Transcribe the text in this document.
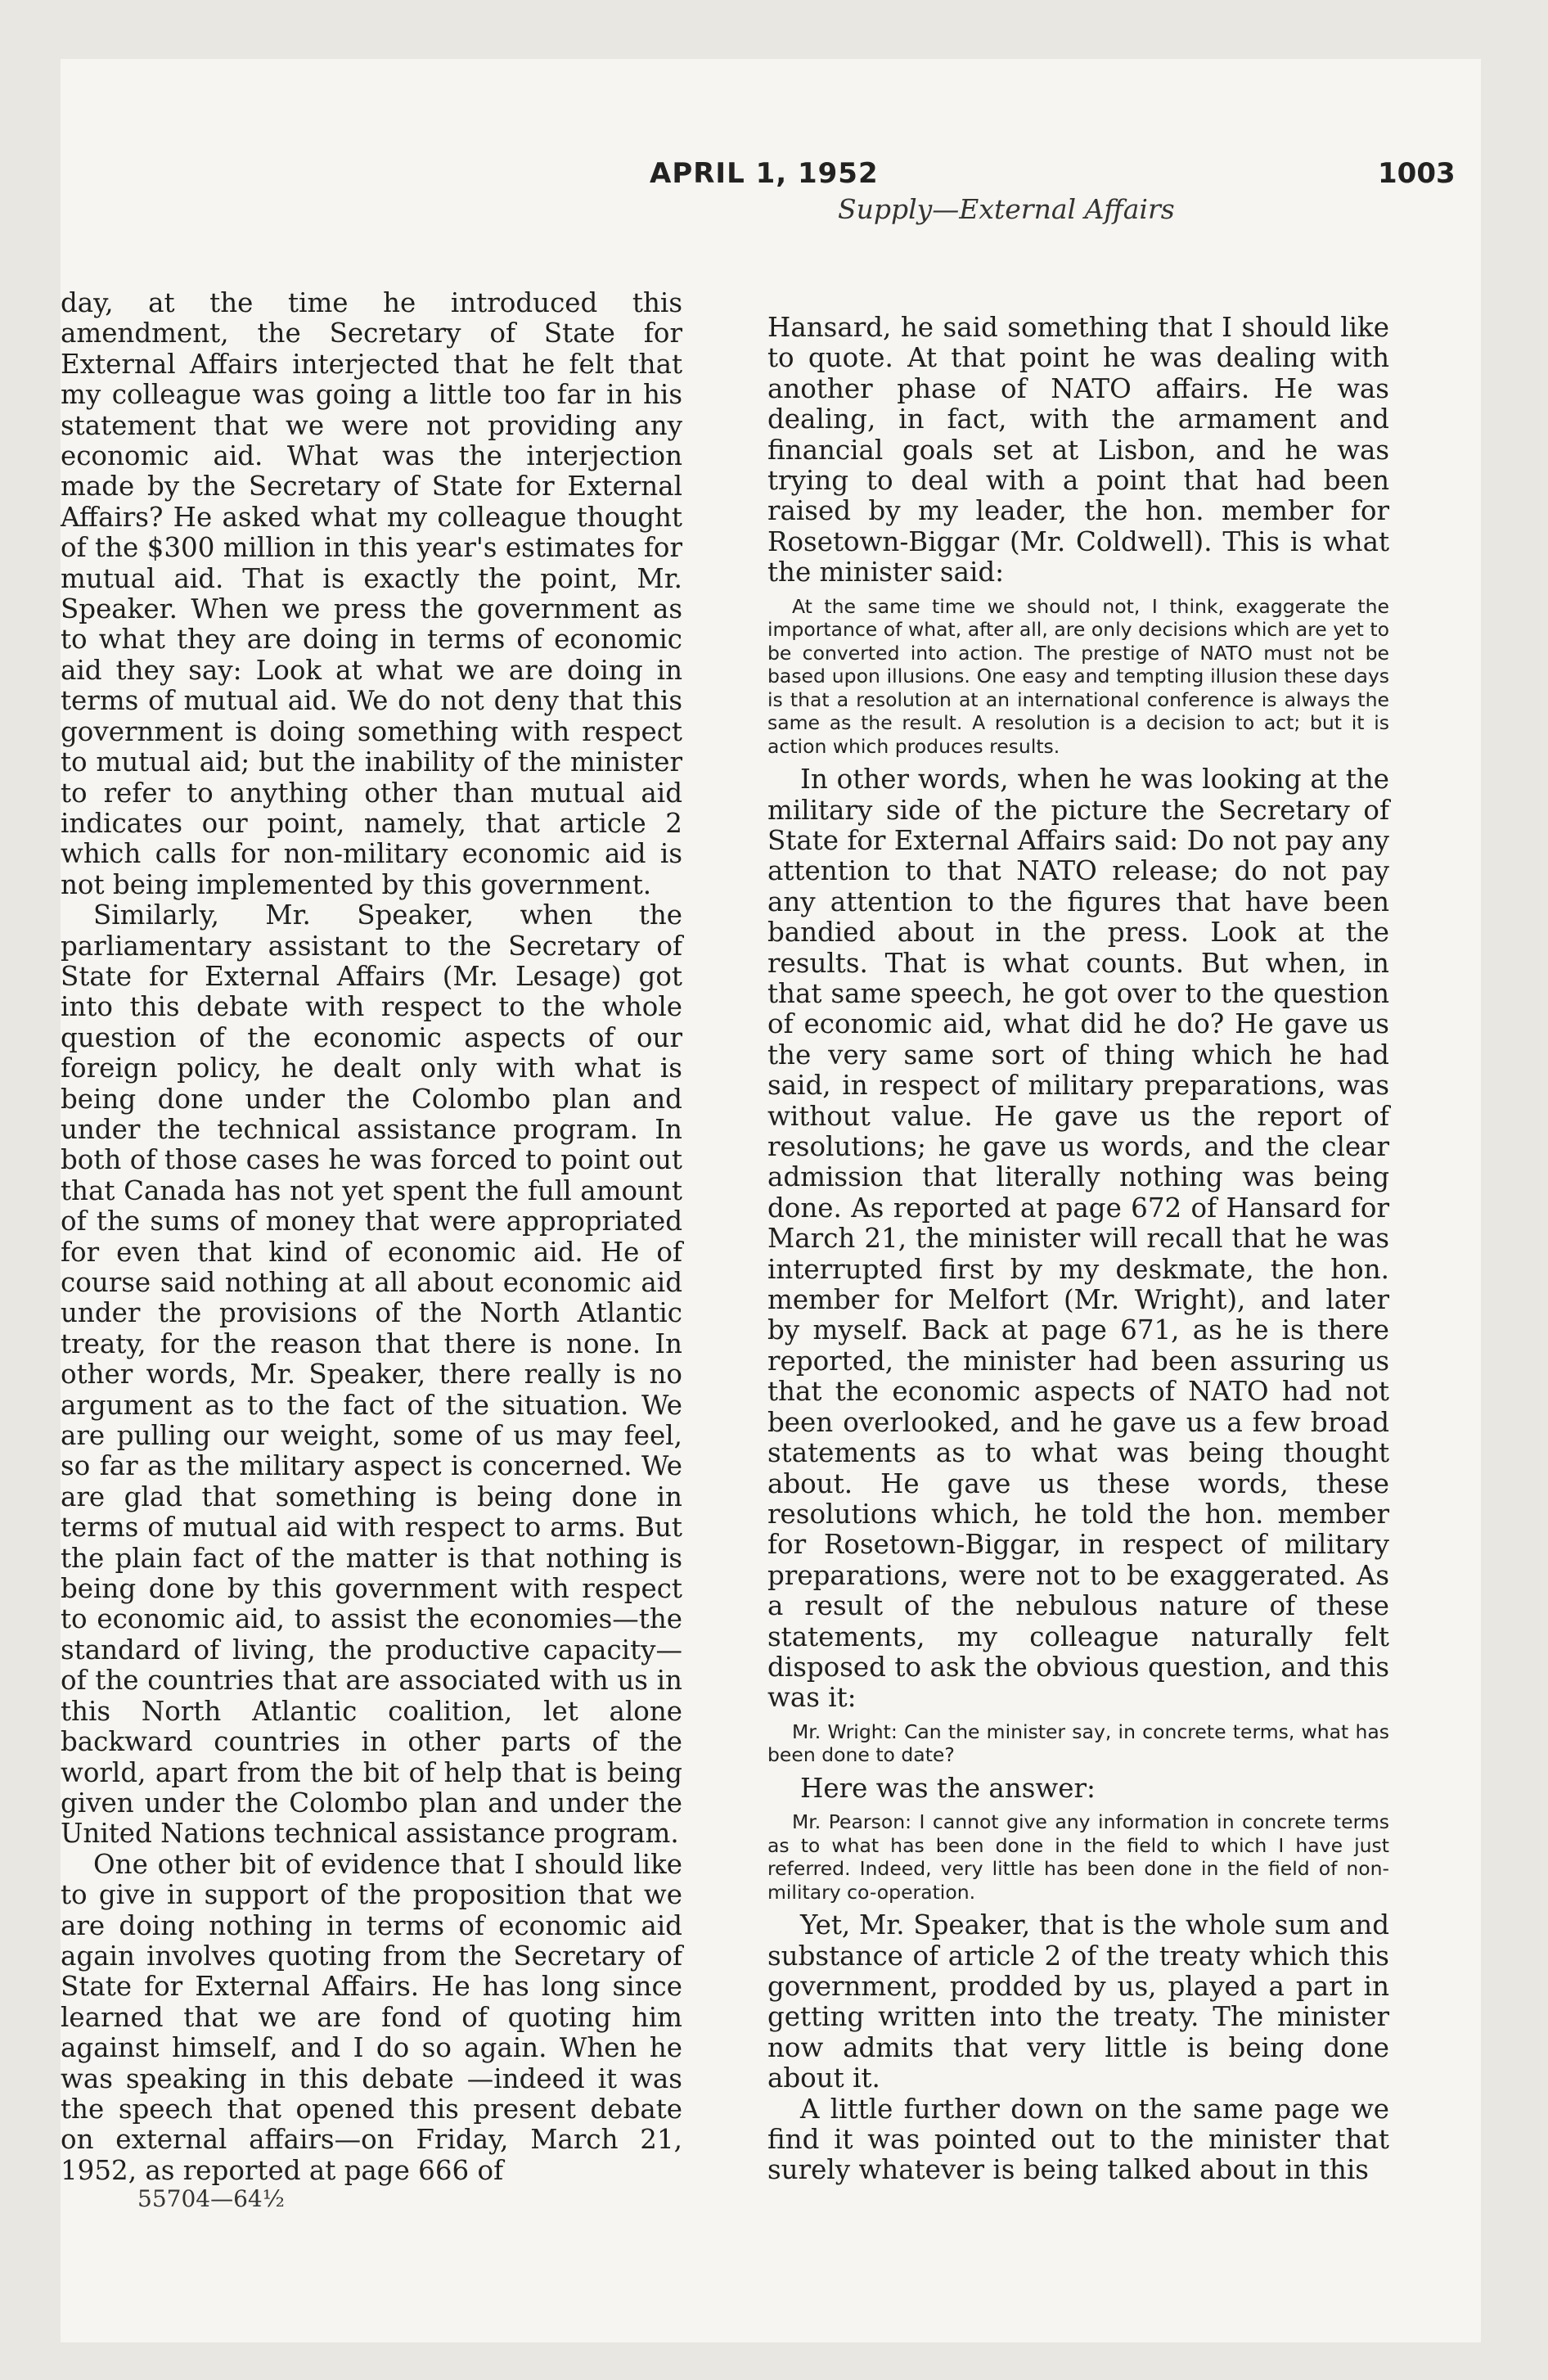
APRIL 1, 1952	1003
Supply—External Affairs

day, at the time he introduced this amendment, the Secretary of State for External Affairs interjected that he felt that my colleague was going a little too far in his statement that we were not providing any economic aid. What was the interjection made by the Secretary of State for External Affairs? He asked what my colleague thought of the $300 million in this year's estimates for mutual aid. That is exactly the point, Mr. Speaker. When we press the government as to what they are doing in terms of economic aid they say: Look at what we are doing in terms of mutual aid. We do not deny that this government is doing something with respect to mutual aid; but the inability of the minister to refer to anything other than mutual aid indicates our point, namely, that article 2 which calls for non-military economic aid is not being implemented by this government.

Similarly, Mr. Speaker, when the parliamentary assistant to the Secretary of State for External Affairs (Mr. Lesage) got into this debate with respect to the whole question of the economic aspects of our foreign policy, he dealt only with what is being done under the Colombo plan and under the technical assistance program. In both of those cases he was forced to point out that Canada has not yet spent the full amount of the sums of money that were appropriated for even that kind of economic aid. He of course said nothing at all about economic aid under the provisions of the North Atlantic treaty, for the reason that there is none. In other words, Mr. Speaker, there really is no argument as to the fact of the situation. We are pulling our weight, some of us may feel, so far as the military aspect is concerned. We are glad that something is being done in terms of mutual aid with respect to arms. But the plain fact of the matter is that nothing is being done by this government with respect to economic aid, to assist the economies—the standard of living, the productive capacity—of the countries that are associated with us in this North Atlantic coalition, let alone backward countries in other parts of the world, apart from the bit of help that is being given under the Colombo plan and under the United Nations technical assistance program.

One other bit of evidence that I should like to give in support of the proposition that we are doing nothing in terms of economic aid again involves quoting from the Secretary of State for External Affairs. He has long since learned that we are fond of quoting him against himself, and I do so again. When he was speaking in this debate —indeed it was the speech that opened this present debate on external affairs—on Friday, March 21, 1952, as reported at page 666 of

55704—64½

Hansard, he said something that I should like to quote. At that point he was dealing with another phase of NATO affairs. He was dealing, in fact, with the armament and financial goals set at Lisbon, and he was trying to deal with a point that had been raised by my leader, the hon. member for Rosetown-Biggar (Mr. Coldwell). This is what the minister said:

At the same time we should not, I think, exaggerate the importance of what, after all, are only decisions which are yet to be converted into action. The prestige of NATO must not be based upon illusions. One easy and tempting illusion these days is that a resolution at an international conference is always the same as the result. A resolution is a decision to act; but it is action which produces results.

In other words, when he was looking at the military side of the picture the Secretary of State for External Affairs said: Do not pay any attention to that NATO release; do not pay any attention to the figures that have been bandied about in the press. Look at the results. That is what counts. But when, in that same speech, he got over to the question of economic aid, what did he do? He gave us the very same sort of thing which he had said, in respect of military preparations, was without value. He gave us the report of resolutions; he gave us words, and the clear admission that literally nothing was being done. As reported at page 672 of Hansard for March 21, the minister will recall that he was interrupted first by my deskmate, the hon. member for Melfort (Mr. Wright), and later by myself. Back at page 671, as he is there reported, the minister had been assuring us that the economic aspects of NATO had not been overlooked, and he gave us a few broad statements as to what was being thought about. He gave us these words, these resolutions which, he told the hon. member for Rosetown-Biggar, in respect of military preparations, were not to be exaggerated. As a result of the nebulous nature of these statements, my colleague naturally felt disposed to ask the obvious question, and this was it:

Mr. Wright: Can the minister say, in concrete terms, what has been done to date?

Here was the answer:

Mr. Pearson: I cannot give any information in concrete terms as to what has been done in the field to which I have just referred. Indeed, very little has been done in the field of non-military co-operation.

Yet, Mr. Speaker, that is the whole sum and substance of article 2 of the treaty which this government, prodded by us, played a part in getting written into the treaty. The minister now admits that very little is being done about it.

A little further down on the same page we find it was pointed out to the minister that surely whatever is being talked about in this
